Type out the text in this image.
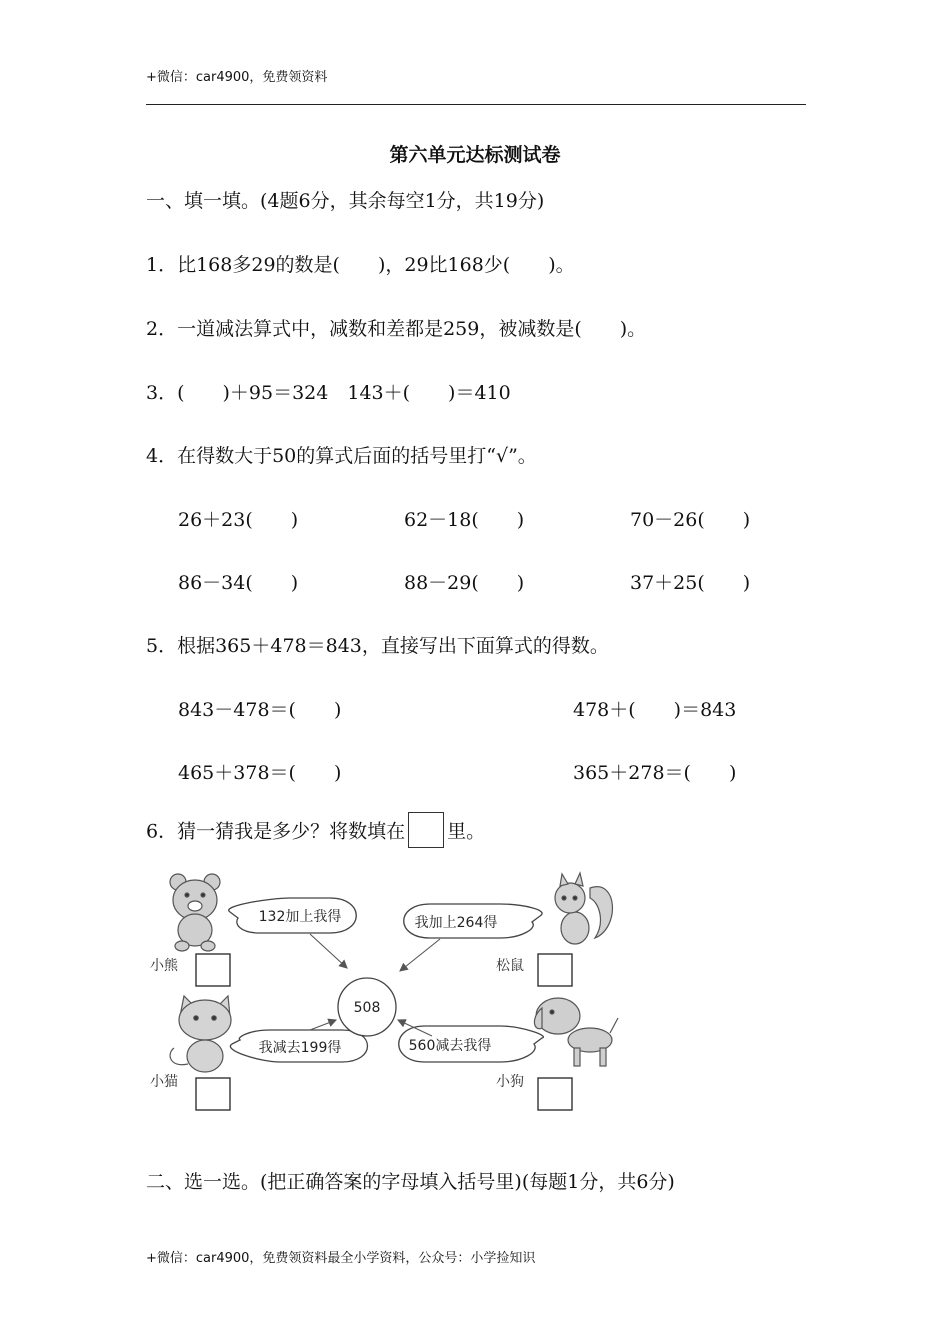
+微信：car4900，免费领资料
第六单元达标测试卷
一、填一填。(4题6分，其余每空1分，共19分)
1．比168多29的数是(　　)，29比168少(　　)。
2．一道减法算式中，减数和差都是259，被减数是(　　)。
3．(　　)＋95＝324　143＋(　　)＝410
4．在得数大于50的算式后面的括号里打“√”。
26＋23(　　)	62－18(　　)	70－26(　　)
86－34(　　)	88－29(　　)	37＋25(　　)
5．根据365＋478＝843，直接写出下面算式的得数。
843－478＝(　　)	478＋(　　)＝843
465＋378＝(　　)	365＋278＝(　　)
6．猜一猜我是多少？将数填在 里。
小熊	松鼠
小猫	小狗
132加上我得	我加上264得
我减去199得	560减去我得
508
二、选一选。(把正确答案的字母填入括号里)(每题1分，共6分)
+微信：car4900，免费领资料最全小学资料，公众号：小学捡知识
